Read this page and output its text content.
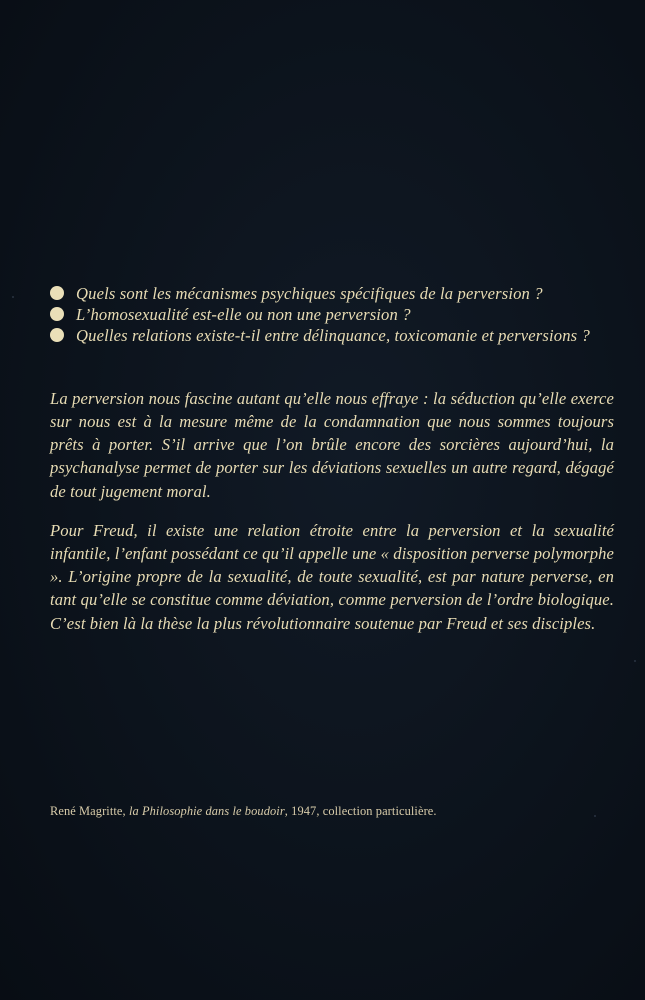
Quels sont les mécanismes psychiques spécifiques de la perversion ?
L’homosexualité est-elle ou non une perversion ?
Quelles relations existe-t-il entre délinquance, toxicomanie et perversions ?

La perversion nous fascine autant qu’elle nous effraye : la séduction qu’elle exerce sur nous est à la mesure même de la condamnation que nous sommes toujours prêts à porter. S’il arrive que l’on brûle encore des sorcières aujourd’hui, la psychanalyse permet de porter sur les déviations sexuelles un autre regard, dégagé de tout jugement moral.

Pour Freud, il existe une relation étroite entre la perversion et la sexualité infantile, l’enfant possédant ce qu’il appelle une « disposition perverse polymorphe ». L’origine propre de la sexualité, de toute sexualité, est par nature perverse, en tant qu’elle se constitue comme déviation, comme perversion de l’ordre biologique. C’est bien là la thèse la plus révolutionnaire soutenue par Freud et ses disciples.

René Magritte, la Philosophie dans le boudoir, 1947, collection particulière.
